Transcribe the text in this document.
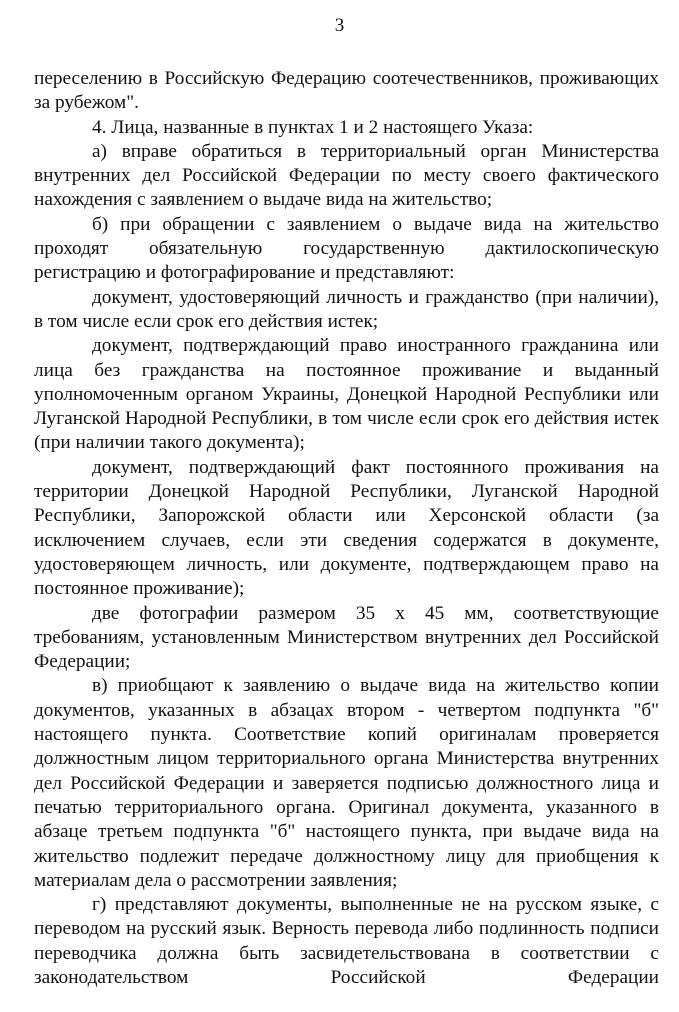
3

переселению в Российскую Федерацию соотечественников, проживающих за рубежом".

4. Лица, названные в пунктах 1 и 2 настоящего Указа:

а) вправе обратиться в территориальный орган Министерства внутренних дел Российской Федерации по месту своего фактического нахождения с заявлением о выдаче вида на жительство;

б) при обращении с заявлением о выдаче вида на жительство проходят обязательную государственную дактилоскопическую регистрацию и фотографирование и представляют:

документ, удостоверяющий личность и гражданство (при наличии), в том числе если срок его действия истек;

документ, подтверждающий право иностранного гражданина или лица без гражданства на постоянное проживание и выданный уполномоченным органом Украины, Донецкой Народной Республики или Луганской Народной Республики, в том числе если срок его действия истек (при наличии такого документа);

документ, подтверждающий факт постоянного проживания на территории Донецкой Народной Республики, Луганской Народной Республики, Запорожской области или Херсонской области (за исключением случаев, если эти сведения содержатся в документе, удостоверяющем личность, или документе, подтверждающем право на постоянное проживание);

две фотографии размером 35 х 45 мм, соответствующие требованиям, установленным Министерством внутренних дел Российской Федерации;

в) приобщают к заявлению о выдаче вида на жительство копии документов, указанных в абзацах втором - четвертом подпункта "б" настоящего пункта. Соответствие копий оригиналам проверяется должностным лицом территориального органа Министерства внутренних дел Российской Федерации и заверяется подписью должностного лица и печатью территориального органа. Оригинал документа, указанного в абзаце третьем подпункта "б" настоящего пункта, при выдаче вида на жительство подлежит передаче должностному лицу для приобщения к материалам дела о рассмотрении заявления;

г) представляют документы, выполненные не на русском языке, с переводом на русский язык. Верность перевода либо подлинность подписи переводчика должна быть засвидетельствована в соответствии с законодательством Российской Федерации
